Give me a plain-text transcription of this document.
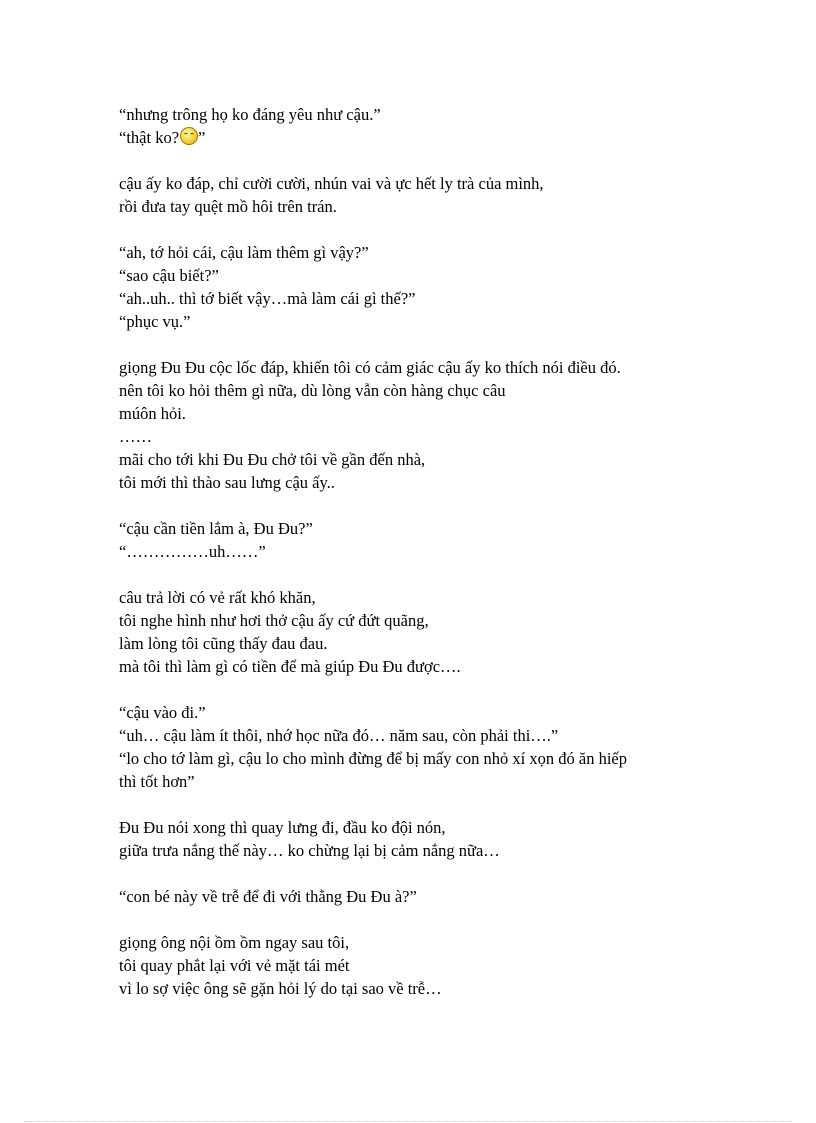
“nhưng trông họ ko đáng yêu như cậu.”
“thật ko? ”
cậu ấy ko đáp, chỉ cười cười, nhún vai và ực hết ly trà của mình,
rồi đưa tay quệt mồ hôi trên trán.
“ah, tớ hỏi cái, cậu làm thêm gì vậy?”
“sao cậu biết?”
“ah..uh.. thì tớ biết vậy…mà làm cái gì thế?”
“phục vụ.”
giọng Đu Đu cộc lốc đáp, khiến tôi có cảm giác cậu ấy ko thích nói điều đó.
nên tôi ko hỏi thêm gì nữa, dù lòng vẫn còn hàng chục câu
múôn hỏi.
……
mãi cho tới khi Đu Đu chở tôi về gần đến nhà,
tôi mới thì thào sau lưng cậu ấy..
“cậu cần tiền lắm à, Đu Đu?”
“……………uh……”
câu trả lời có vẻ rất khó khăn,
tôi nghe hình như hơi thở cậu ấy cứ đứt quãng,
làm lòng tôi cũng thấy đau đau.
mà tôi thì làm gì có tiền để mà giúp Đu Đu được….
“cậu vào đi.”
“uh… cậu làm ít thôi, nhớ học nữa đó… năm sau, còn phải thi….”
“lo cho tớ làm gì, cậu lo cho mình đừng để bị mấy con nhỏ xí xọn đó ăn hiếp
thì tốt hơn”
Đu Đu nói xong thì quay lưng đi, đầu ko đội nón,
giữa trưa nắng thế này… ko chừng lại bị cảm nắng nữa…
“con bé này về trễ để đi với thằng Đu Đu à?”
giọng ông nội ồm ồm ngay sau tôi,
tôi quay phắt lại với vẻ mặt tái mét
vì lo sợ việc ông sẽ gặn hỏi lý do tại sao về trễ…
